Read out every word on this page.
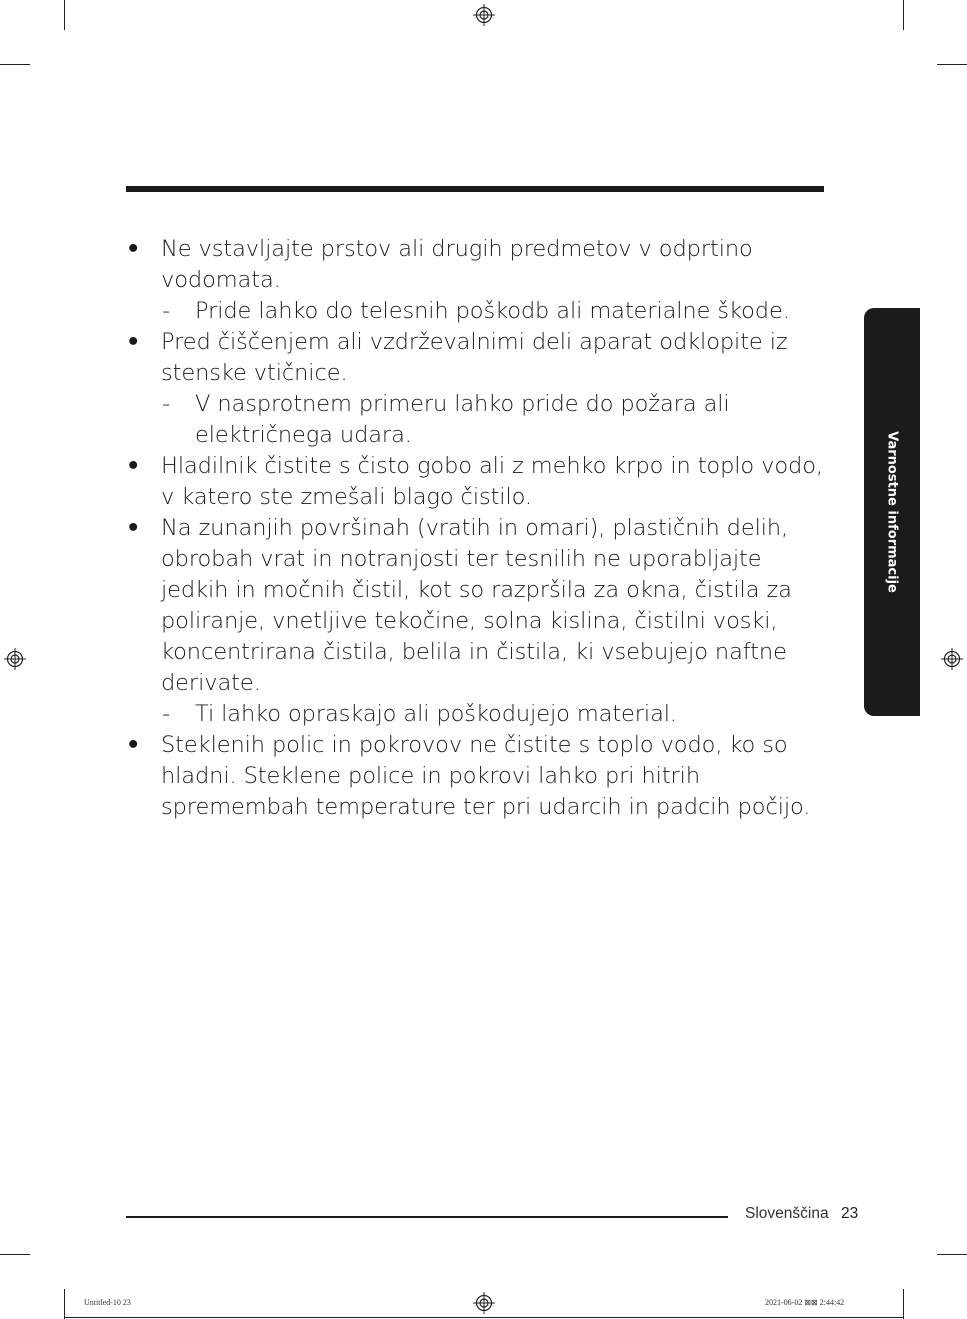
Varnostne informacije
• Ne vstavljajte prstov ali drugih predmetov v odprtino vodomata.
- Pride lahko do telesnih poškodb ali materialne škode.
• Pred čiščenjem ali vzdrževalnimi deli aparat odklopite iz stenske vtičnice.
- V nasprotnem primeru lahko pride do požara ali električnega udara.
• Hladilnik čistite s čisto gobo ali z mehko krpo in toplo vodo, v katero ste zmešali blago čistilo.
• Na zunanjih površinah (vratih in omari), plastičnih delih, obrobah vrat in notranjosti ter tesnilih ne uporabljajte jedkih in močnih čistil, kot so razpršila za okna, čistila za poliranje, vnetljive tekočine, solna kislina, čistilni voski, koncentrirana čistila, belila in čistila, ki vsebujejo naftne derivate.
- Ti lahko opraskajo ali poškodujejo material.
• Steklenih polic in pokrovov ne čistite s toplo vodo, ko so hladni. Steklene police in pokrovi lahko pri hitrih spremembah temperature ter pri udarcih in padcih počijo.
Slovenščina 23
Untitled-10 23	2021-06-02 ⊠⊠ 2:44:42
